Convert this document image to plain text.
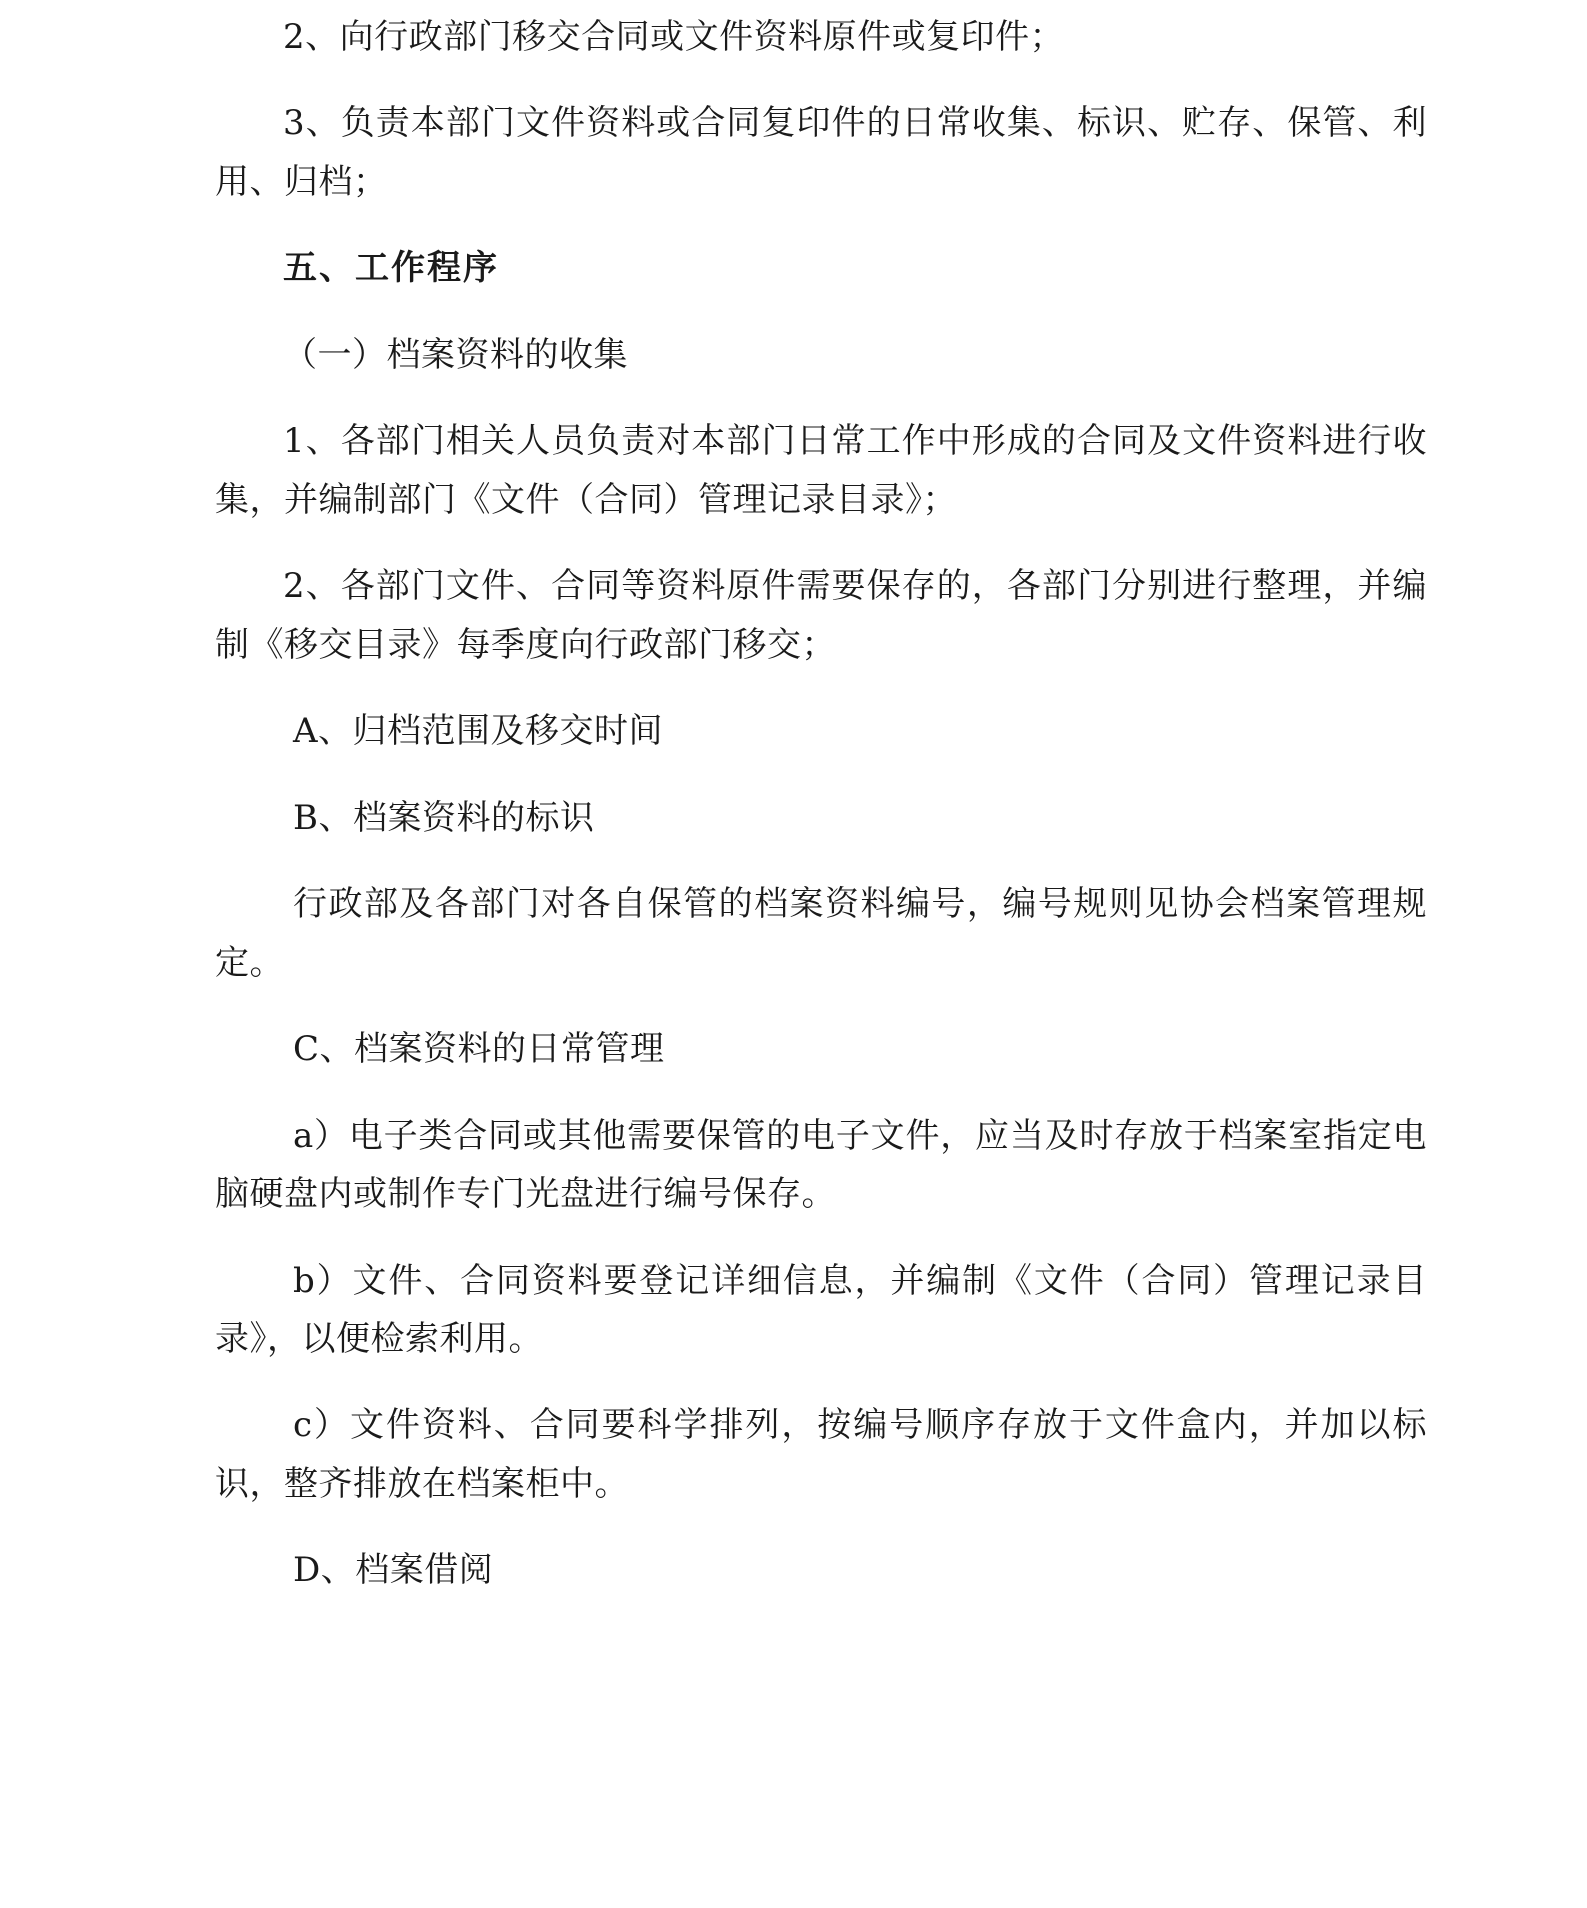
2、向行政部门移交合同或文件资料原件或复印件；

3、负责本部门文件资料或合同复印件的日常收集、标识、贮存、保管、利用、归档；

五、工作程序

（一）档案资料的收集

1、各部门相关人员负责对本部门日常工作中形成的合同及文件资料进行收集，并编制部门《文件（合同）管理记录目录》；

2、各部门文件、合同等资料原件需要保存的，各部门分别进行整理，并编制《移交目录》每季度向行政部门移交；

A、归档范围及移交时间

B、档案资料的标识

行政部及各部门对各自保管的档案资料编号，编号规则见协会档案管理规定。

C、档案资料的日常管理

a）电子类合同或其他需要保管的电子文件，应当及时存放于档案室指定电脑硬盘内或制作专门光盘进行编号保存。

b）文件、合同资料要登记详细信息，并编制《文件（合同）管理记录目录》，以便检索利用。

c）文件资料、合同要科学排列，按编号顺序存放于文件盒内，并加以标识，整齐排放在档案柜中。

D、档案借阅
